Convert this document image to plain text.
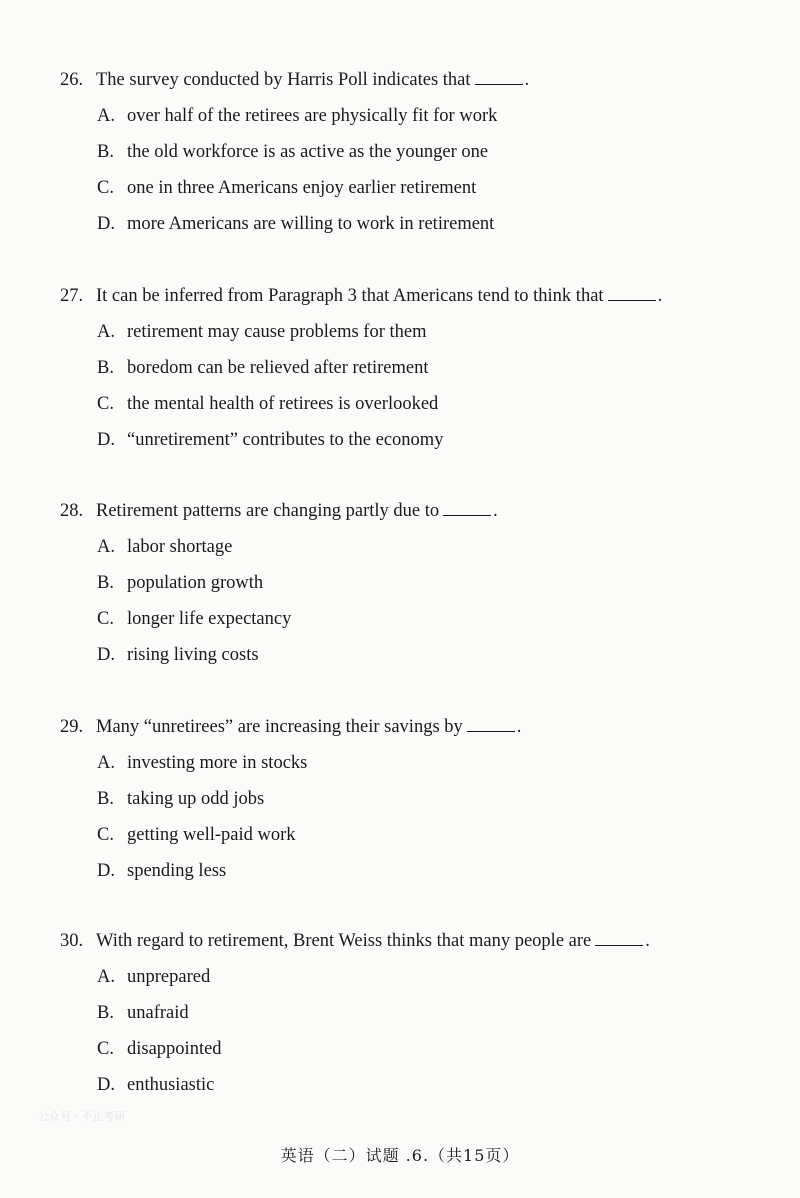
26. The survey conducted by Harris Poll indicates that	.
A. over half of the retirees are physically fit for work
B. the old workforce is as active as the younger one
C. one in three Americans enjoy earlier retirement
D. more Americans are willing to work in retirement
27. It can be inferred from Paragraph 3 that Americans tend to think that	.
A. retirement may cause problems for them
B. boredom can be relieved after retirement
C. the mental health of retirees is overlooked
D. “unretirement” contributes to the economy
28. Retirement patterns are changing partly due to	.
A. labor shortage
B. population growth
C. longer life expectancy
D. rising living costs
29. Many “unretirees” are increasing their savings by	.
A. investing more in stocks
B. taking up odd jobs
C. getting well-paid work
D. spending less
30. With regard to retirement, Brent Weiss thinks that many people are	.
A. unprepared
B. unafraid
C. disappointed
D. enthusiastic
公众号 · 不止考研
英语（二）试题 .6.（共15页）
